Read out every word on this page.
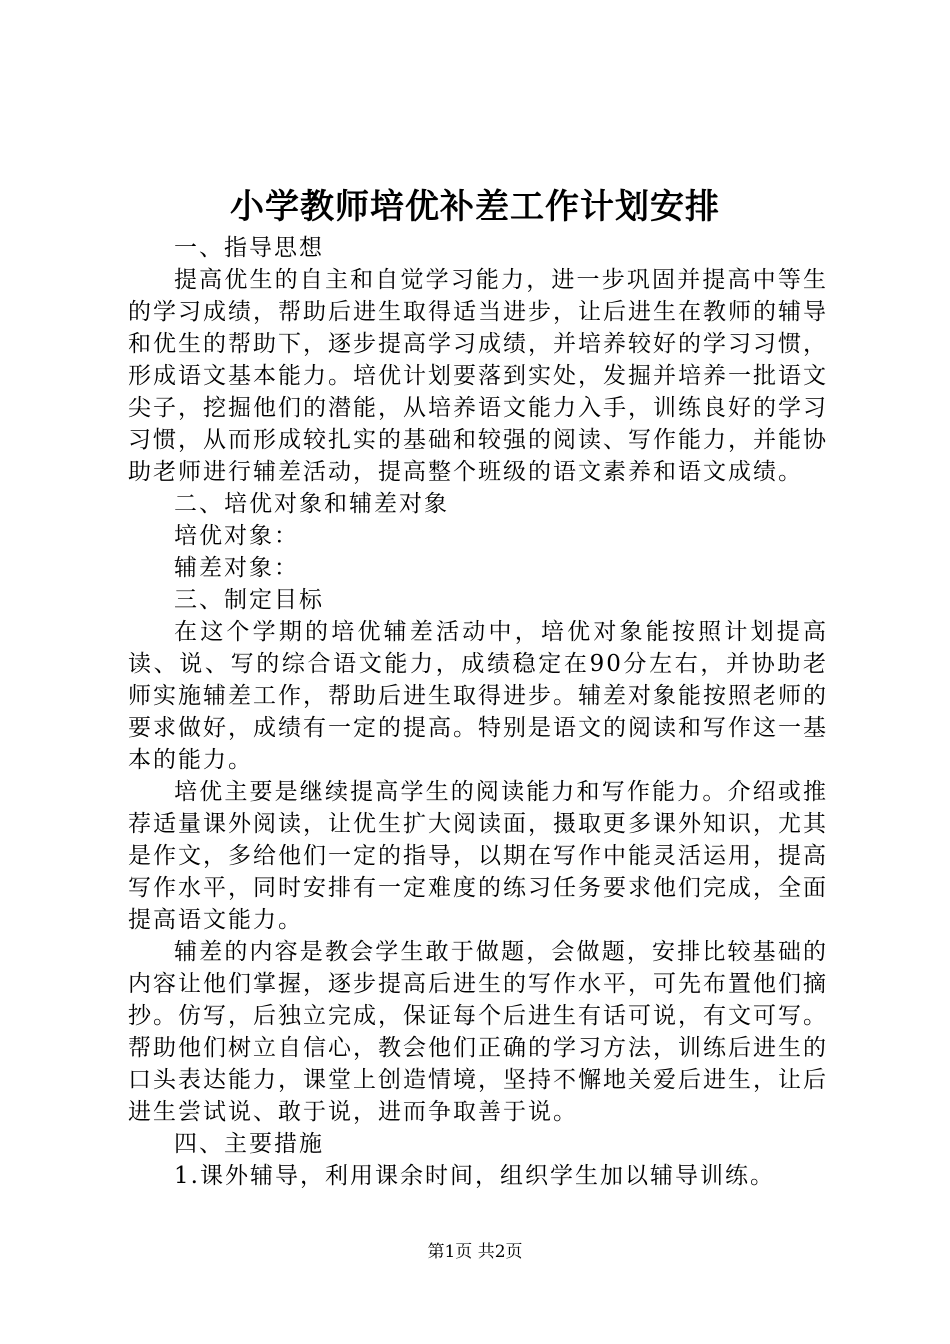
小学教师培优补差工作计划安排

一、指导思想

提高优生的自主和自觉学习能力，进一步巩固并提高中等生的学习成绩，帮助后进生取得适当进步，让后进生在教师的辅导和优生的帮助下，逐步提高学习成绩，并培养较好的学习习惯，形成语文基本能力。培优计划要落到实处，发掘并培养一批语文尖子，挖掘他们的潜能，从培养语文能力入手，训练良好的学习习惯，从而形成较扎实的基础和较强的阅读、写作能力，并能协助老师进行辅差活动，提高整个班级的语文素养和语文成绩。

二、培优对象和辅差对象

培优对象：

辅差对象：

三、制定目标

在这个学期的培优辅差活动中，培优对象能按照计划提高读、说、写的综合语文能力，成绩稳定在90分左右，并协助老师实施辅差工作，帮助后进生取得进步。辅差对象能按照老师的要求做好，成绩有一定的提高。特别是语文的阅读和写作这一基本的能力。

培优主要是继续提高学生的阅读能力和写作能力。介绍或推荐适量课外阅读，让优生扩大阅读面，摄取更多课外知识，尤其是作文，多给他们一定的指导，以期在写作中能灵活运用，提高写作水平，同时安排有一定难度的练习任务要求他们完成，全面提高语文能力。

辅差的内容是教会学生敢于做题，会做题，安排比较基础的内容让他们掌握，逐步提高后进生的写作水平，可先布置他们摘抄。仿写，后独立完成，保证每个后进生有话可说，有文可写。帮助他们树立自信心，教会他们正确的学习方法，训练后进生的口头表达能力，课堂上创造情境，坚持不懈地关爱后进生，让后进生尝试说、敢于说，进而争取善于说。

四、主要措施

1.课外辅导，利用课余时间，组织学生加以辅导训练。

第1页 共2页
